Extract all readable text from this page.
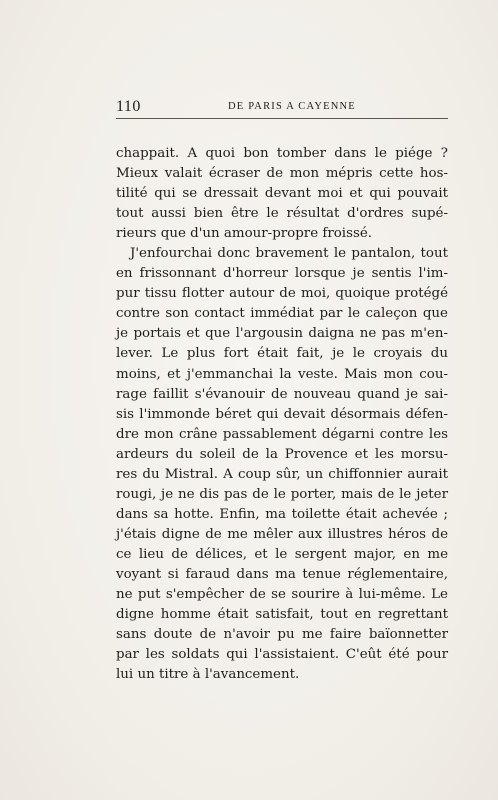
110	DE PARIS A CAYENNE
chappait. A quoi bon tomber dans le piége ?
Mieux valait écraser de mon mépris cette hos-
tilité qui se dressait devant moi et qui pouvait
tout aussi bien être le résultat d'ordres supé-
rieurs que d'un amour-propre froissé.
J'enfourchai donc bravement le pantalon, tout
en frissonnant d'horreur lorsque je sentis l'im-
pur tissu flotter autour de moi, quoique protégé
contre son contact immédiat par le caleçon que
je portais et que l'argousin daigna ne pas m'en-
lever. Le plus fort était fait, je le croyais du
moins, et j'emmanchai la veste. Mais mon cou-
rage faillit s'évanouir de nouveau quand je sai-
sis l'immonde béret qui devait désormais défen-
dre mon crâne passablement dégarni contre les
ardeurs du soleil de la Provence et les morsu-
res du Mistral. A coup sûr, un chiffonnier aurait
rougi, je ne dis pas de le porter, mais de le jeter
dans sa hotte. Enfin, ma toilette était achevée ;
j'étais digne de me mêler aux illustres héros de
ce lieu de délices, et le sergent major, en me
voyant si faraud dans ma tenue réglementaire,
ne put s'empêcher de se sourire à lui-même. Le
digne homme était satisfait, tout en regrettant
sans doute de n'avoir pu me faire baïonnetter
par les soldats qui l'assistaient. C'eût été pour
lui un titre à l'avancement.
